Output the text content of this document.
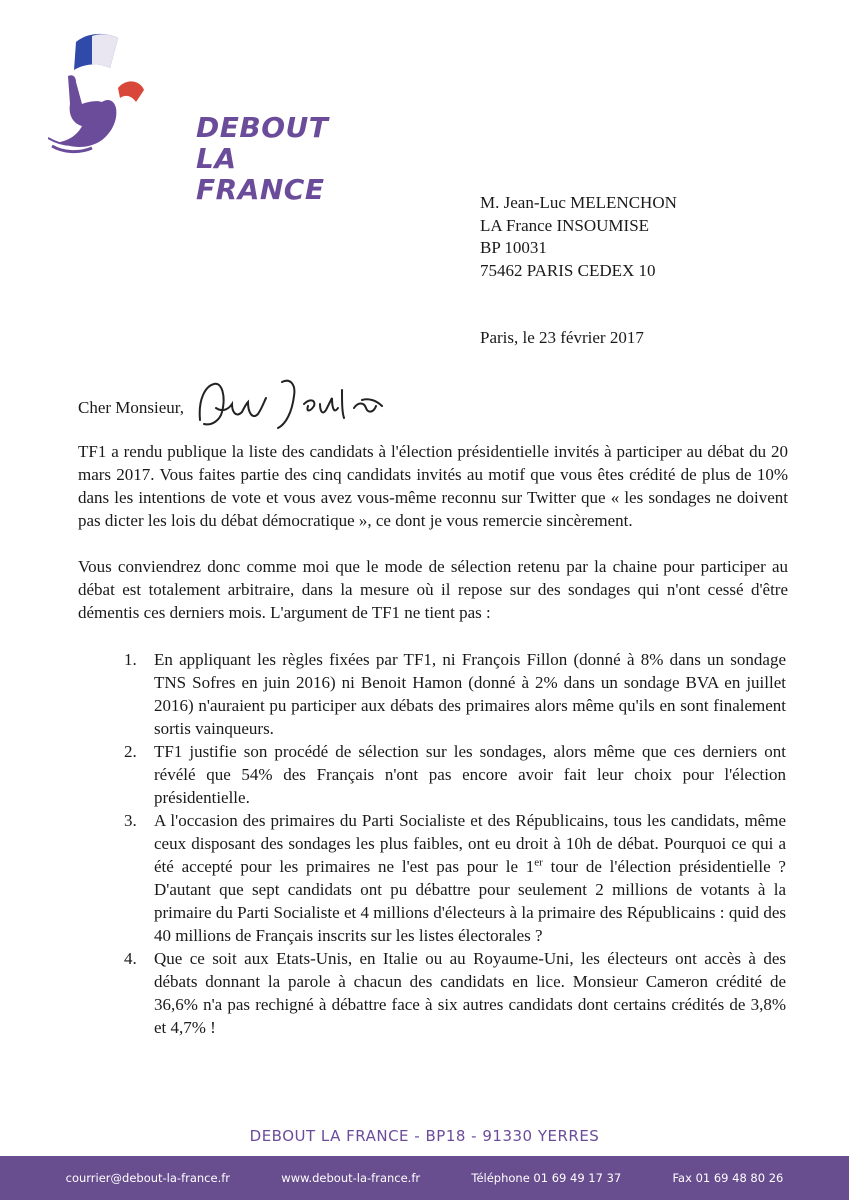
DEBOUT
LA FRANCE	M. Jean-Luc MELENCHON
LA France INSOUMISE
BP 10031
75462 PARIS CEDEX 10
Paris, le 23 février 2017
Cher Monsieur,

TF1 a rendu publique la liste des candidats à l'élection présidentielle invités à participer au débat du 20 mars 2017. Vous faites partie des cinq candidats invités au motif que vous êtes crédité de plus de 10% dans les intentions de vote et vous avez vous-même reconnu sur Twitter que « les sondages ne doivent pas dicter les lois du débat démocratique », ce dont je vous remercie sincèrement.

Vous conviendrez donc comme moi que le mode de sélection retenu par la chaine pour participer au débat est totalement arbitraire, dans la mesure où il repose sur des sondages qui n'ont cessé d'être démentis ces derniers mois. L'argument de TF1 ne tient pas :

1. En appliquant les règles fixées par TF1, ni François Fillon (donné à 8% dans un sondage TNS Sofres en juin 2016) ni Benoit Hamon (donné à 2% dans un sondage BVA en juillet 2016) n'auraient pu participer aux débats des primaires alors même qu'ils en sont finalement sortis vainqueurs.
2. TF1 justifie son procédé de sélection sur les sondages, alors même que ces derniers ont révélé que 54% des Français n'ont pas encore avoir fait leur choix pour l'élection présidentielle.
3. A l'occasion des primaires du Parti Socialiste et des Républicains, tous les candidats, même ceux disposant des sondages les plus faibles, ont eu droit à 10h de débat. Pourquoi ce qui a été accepté pour les primaires ne l'est pas pour le 1er tour de l'élection présidentielle ? D'autant que sept candidats ont pu débattre pour seulement 2 millions de votants à la primaire du Parti Socialiste et 4 millions d'électeurs à la primaire des Républicains : quid des 40 millions de Français inscrits sur les listes électorales ?
4. Que ce soit aux Etats-Unis, en Italie ou au Royaume-Uni, les électeurs ont accès à des débats donnant la parole à chacun des candidats en lice. Monsieur Cameron crédité de 36,6% n'a pas rechigné à débattre face à six autres candidats dont certains crédités de 3,8% et 4,7% !
DEBOUT LA FRANCE - BP18 - 91330 YERRES
courrier@debout-la-france.fr	www.debout-la-france.fr	Téléphone 01 69 49 17 37	Fax 01 69 48 80 26
